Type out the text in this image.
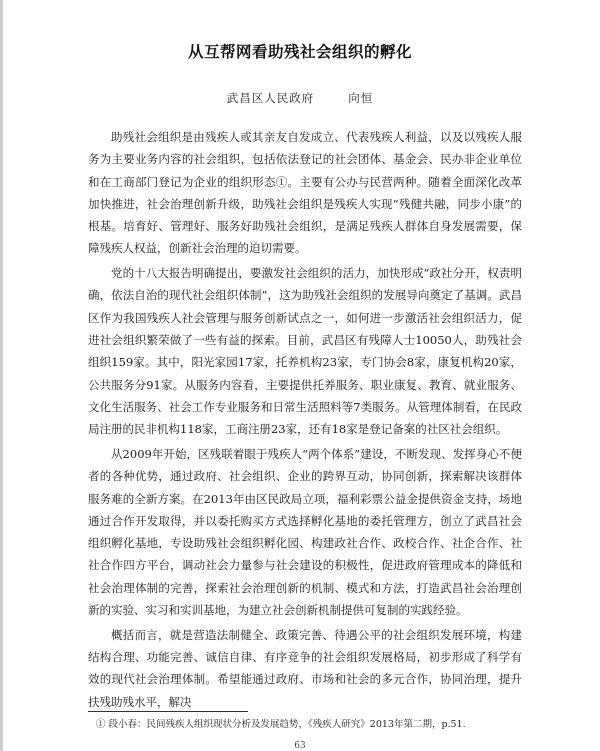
从互帮网看助残社会组织的孵化
武昌区人民政府	向恒

助残社会组织是由残疾人或其亲友自发成立、代表残疾人利益，以及以残疾人服务为主要业务内容的社会组织，包括依法登记的社会团体、基金会、民办非企业单位和在工商部门登记为企业的组织形态①。主要有公办与民营两种。随着全面深化改革加快推进，社会治理创新升级，助残社会组织是残疾人实现“残健共融，同步小康”的根基。培育好、管理好、服务好助残社会组织，是满足残疾人群体自身发展需要，保障残疾人权益，创新社会治理的迫切需要。

党的十八大报告明确提出，要激发社会组织的活力，加快形成“政社分开，权责明确，依法自治的现代社会组织体制”，这为助残社会组织的发展导向奠定了基调。武昌区作为我国残疾人社会管理与服务创新试点之一，如何进一步激活社会组织活力，促进社会组织繁荣做了一些有益的探索。目前，武昌区有残障人士10050人，助残社会组织159家。其中，阳光家园17家，托养机构23家，专门协会8家，康复机构20家，公共服务分91家。从服务内容看，主要提供托养服务、职业康复、教育、就业服务、文化生活服务、社会工作专业服务和日常生活照料等7类服务。从管理体制看，在民政局注册的民非机构118家，工商注册23家，还有18家是登记备案的社区社会组织。

从2009年开始，区残联着眼于残疾人“两个体系”建设，不断发现、发挥身心不便者的各种优势，通过政府、社会组织、企业的跨界互动，协同创新，探索解决该群体服务难的全新方案。在2013年由区民政局立项，福利彩票公益金提供资金支持，场地通过合作开发取得，并以委托购买方式选择孵化基地的委托管理方，创立了武昌社会组织孵化基地，专设助残社会组织孵化园、构建政社合作、政校合作、社企合作、社社合作四方平台，调动社会力量参与社会建设的积极性，促进政府管理成本的降低和社会治理体制的完善，探索社会治理创新的机制、模式和方法，打造武昌社会治理创新的实验、实习和实训基地，为建立社会创新机制提供可复制的实践经验。

概括而言，就是营造法制健全、政策完善、待遇公平的社会组织发展环境，构建结构合理、功能完善、诚信自律、有序竞争的社会组织发展格局，初步形成了科学有效的现代社会治理体制。希望能通过政府、市场和社会的多元合作，协同治理，提升扶残助残水平，解决

① 段小春：民间残疾人组织现状分析及发展趋势，《残疾人研究》2013年第二期，p.51.
63
